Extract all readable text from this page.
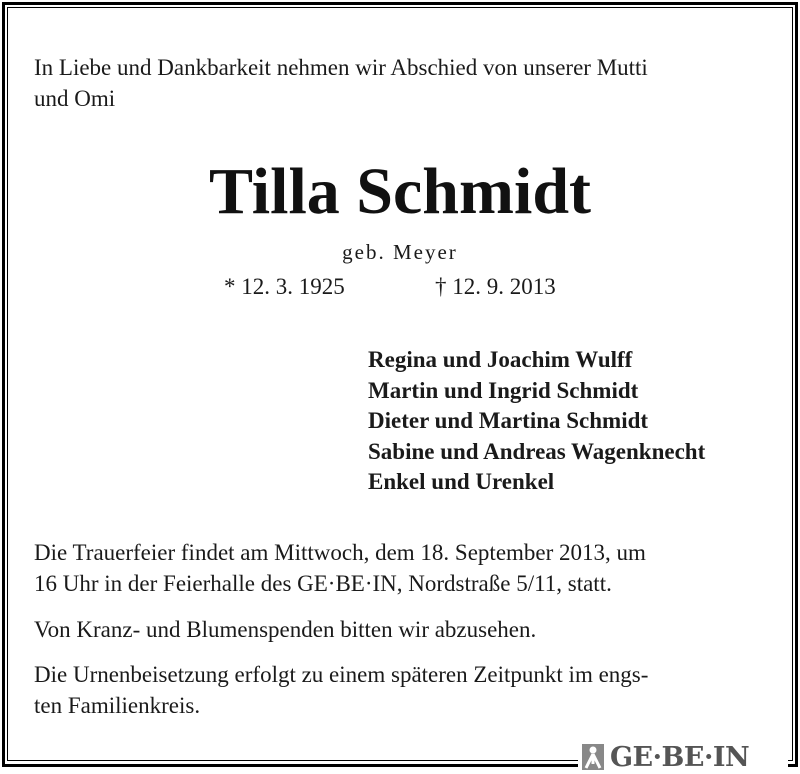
In Liebe und Dankbarkeit nehmen wir Abschied von unserer Mutti
und Omi
Tilla Schmidt
geb. Meyer
* 12. 3. 1925	† 12. 9. 2013
Regina und Joachim Wulff
Martin und Ingrid Schmidt
Dieter und Martina Schmidt
Sabine und Andreas Wagenknecht
Enkel und Urenkel
Die Trauerfeier findet am Mittwoch, dem 18. September 2013, um
16 Uhr in der Feierhalle des GE·BE·IN, Nordstraße 5/11, statt.
Von Kranz- und Blumenspenden bitten wir abzusehen.
Die Urnenbeisetzung erfolgt zu einem späteren Zeitpunkt im engs-
ten Familienkreis.
GE·BE·IN
